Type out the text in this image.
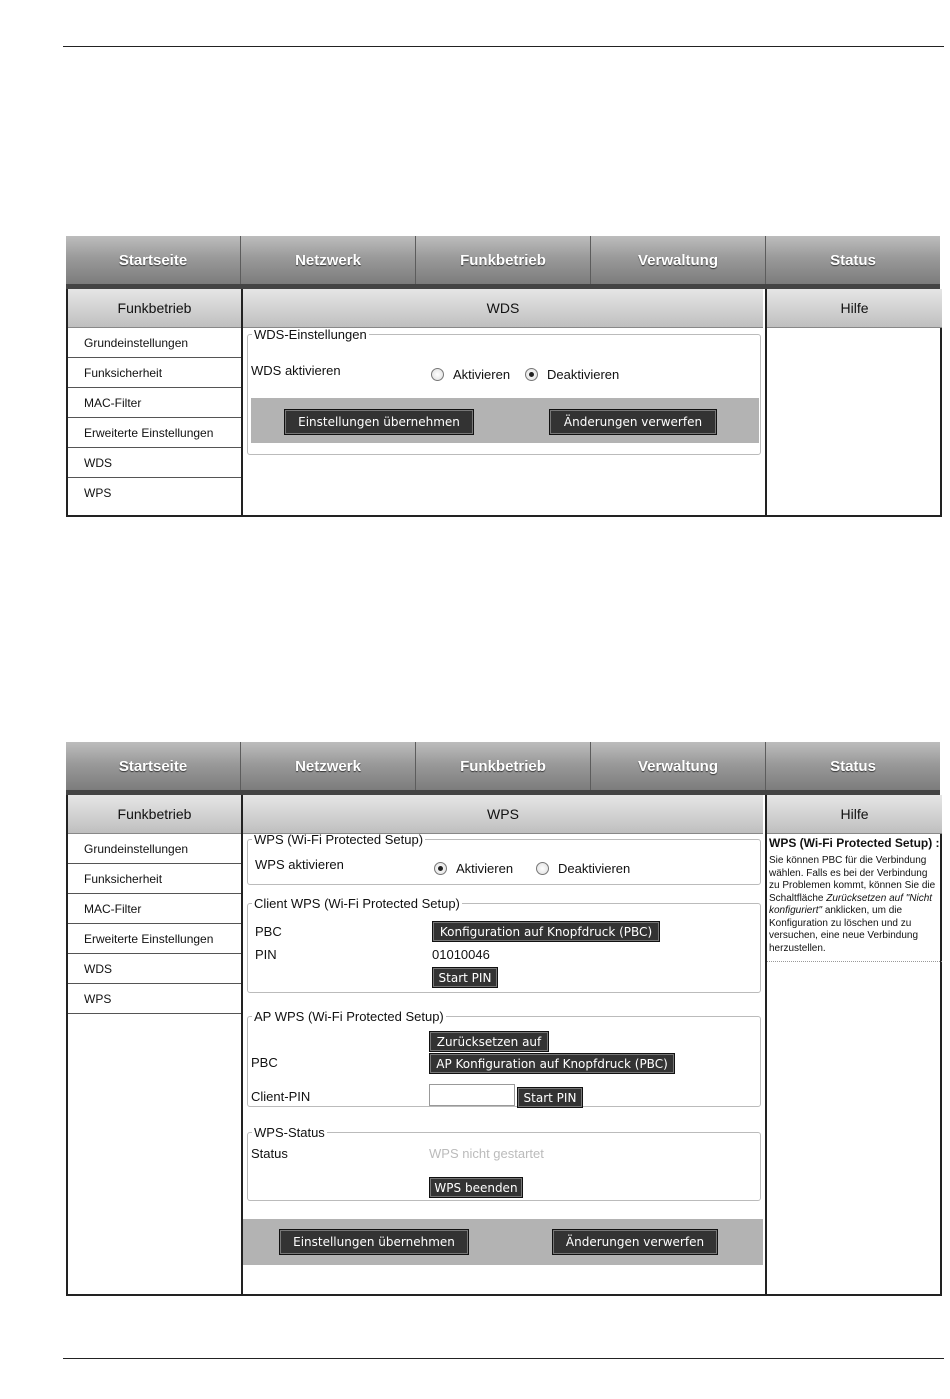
Startseite	Netzwerk	Funkbetrieb	Verwaltung	Status
Funkbetrieb
Grundeinstellungen
Funksicherheit
MAC-Filter
Erweiterte Einstellungen
WDS
WPS
WDS
WDS-Einstellungen
WDS aktivieren	Aktivieren	Deaktivieren
Einstellungen übernehmen	Änderungen verwerfen
Hilfe
Startseite	Netzwerk	Funkbetrieb	Verwaltung	Status
Funkbetrieb
Grundeinstellungen
Funksicherheit
MAC-Filter
Erweiterte Einstellungen
WDS
WPS
WPS
WPS (Wi-Fi Protected Setup)
WPS aktivieren	Aktivieren	Deaktivieren
Client WPS (Wi-Fi Protected Setup)
PBC	Konfiguration auf Knopfdruck (PBC)
PIN	01010046
Start PIN
AP WPS (Wi-Fi Protected Setup)
Zurücksetzen auf
PBC	AP Konfiguration auf Knopfdruck (PBC)
Client-PIN	Start PIN
WPS-Status
Status	WPS nicht gestartet
WPS beenden
Einstellungen übernehmen	Änderungen verwerfen
Hilfe
WPS (Wi-Fi Protected Setup) :
Sie können PBC für die Verbindung wählen. Falls es bei der Verbindung zu Problemen kommt, können Sie die Schaltfläche Zurücksetzen auf "Nicht konfiguriert" anklicken, um die Konfiguration zu löschen und zu versuchen, eine neue Verbindung herzustellen.
